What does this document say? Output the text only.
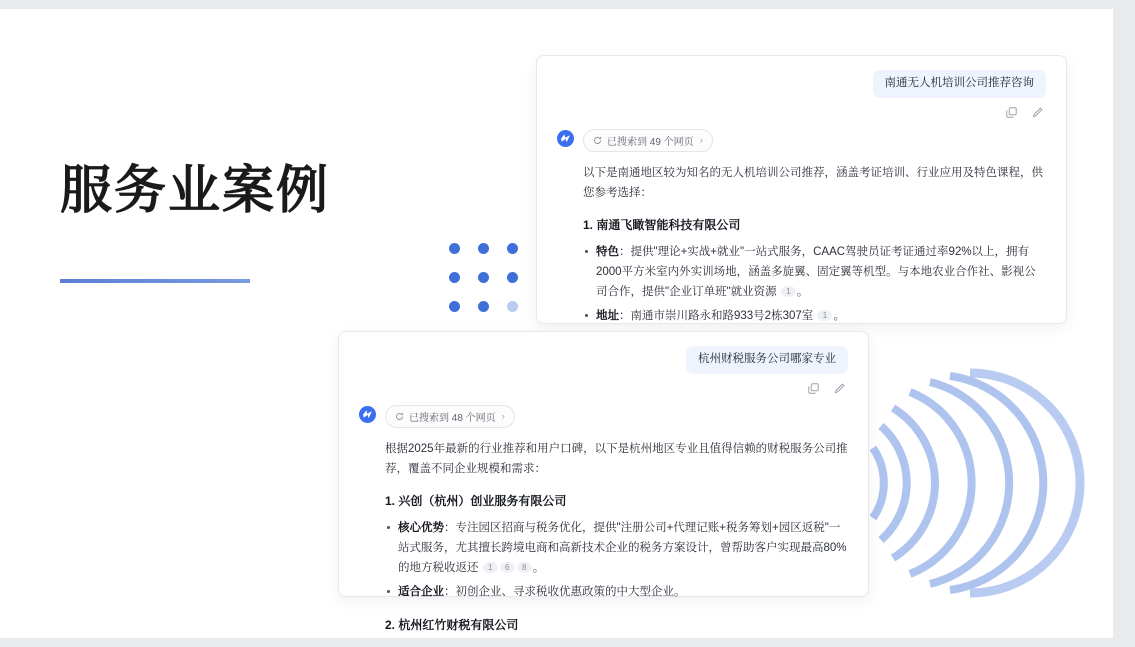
服务业案例
南通无人机培训公司推荐咨询
已搜索到 49 个网页 ›

以下是南通地区较为知名的无人机培训公司推荐，涵盖考证培训、行业应用及特色课程，供您参考选择：

1. 南通飞瞰智能科技有限公司
特色：提供"理论+实战+就业"一站式服务，CAAC驾驶员证考证通过率92%以上，拥有2000平方米室内外实训场地，涵盖多旋翼、固定翼等机型。与本地农业合作社、影视公司合作，提供"企业订单班"就业资源 1 。
地址：南通市崇川路永和路933号2栋307室 1 。
杭州财税服务公司哪家专业
已搜索到 48 个网页 ›

根据2025年最新的行业推荐和用户口碑，以下是杭州地区专业且值得信赖的财税服务公司推荐，覆盖不同企业规模和需求：

1. 兴创（杭州）创业服务有限公司
核心优势：专注园区招商与税务优化，提供"注册公司+代理记账+税务筹划+园区返税"一站式服务，尤其擅长跨境电商和高新技术企业的税务方案设计，曾帮助客户实现最高80%的地方税收返还 1 6 8 。
适合企业：初创企业、寻求税收优惠政策的中大型企业。
2. 杭州红竹财税有限公司
